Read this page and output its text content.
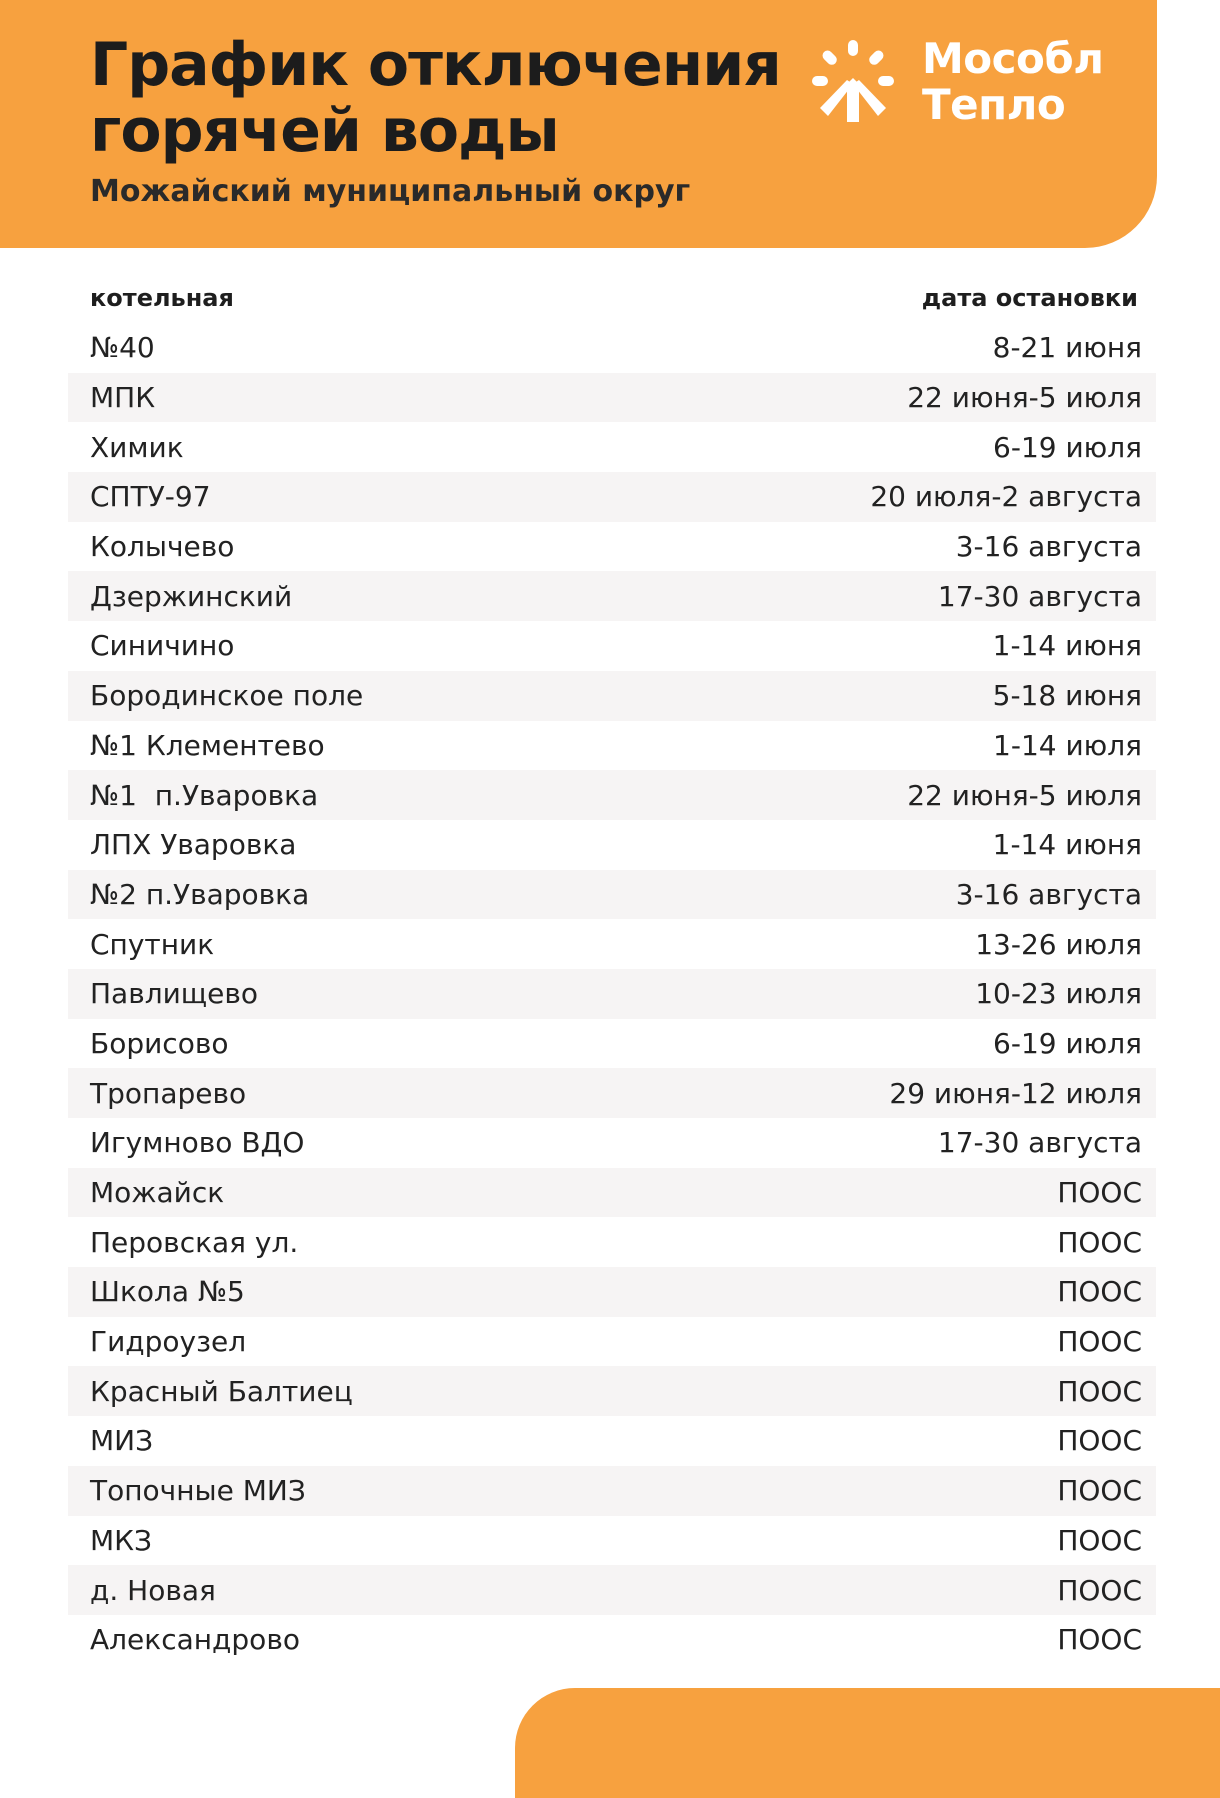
График отключения
горячей воды
Можайский муниципальный округ
Мособл
Тепло
котельная	дата остановки
№40	8-21 июня
МПК	22 июня-5 июля
Химик	6-19 июля
СПТУ-97	20 июля-2 августа
Колычево	3-16 августа
Дзержинский	17-30 августа
Синичино	1-14 июня
Бородинское поле	5-18 июня
№1 Клементево	1-14 июля
№1  п.Уваровка	22 июня-5 июля
ЛПХ Уваровка	1-14 июня
№2 п.Уваровка	3-16 августа
Спутник	13-26 июля
Павлищево	10-23 июля
Борисово	6-19 июля
Тропарево	29 июня-12 июля
Игумново ВДО	17-30 августа
Можайск	ПООС
Перовская ул.	ПООС
Школа №5	ПООС
Гидроузел	ПООС
Красный Балтиец	ПООС
МИЗ	ПООС
Топочные МИЗ	ПООС
МКЗ	ПООС
д. Новая	ПООС
Александрово	ПООС
